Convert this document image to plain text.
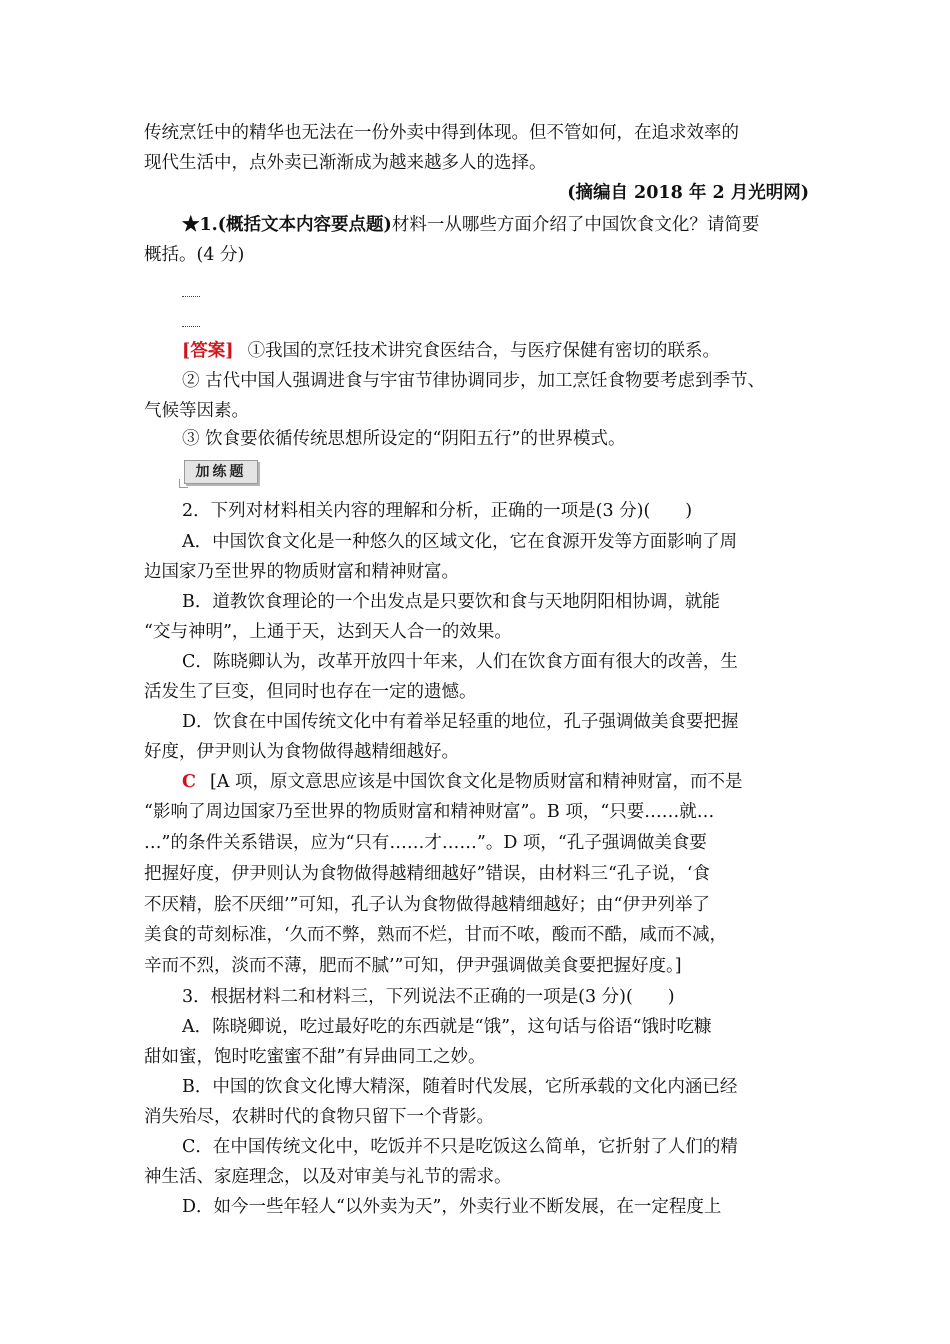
传统烹饪中的精华也无法在一份外卖中得到体现。但不管如何，在追求效率的
现代生活中，点外卖已渐渐成为越来越多人的选择。
(摘编自 2018 年 2 月光明网)
★1.(概括文本内容要点题)材料一从哪些方面介绍了中国饮食文化？请简要
概括。(4 分)
[答案] ①我国的烹饪技术讲究食医结合，与医疗保健有密切的联系。
② 古代中国人强调进食与宇宙节律协调同步，加工烹饪食物要考虑到季节、
气候等因素。
③ 饮食要依循传统思想所设定的“阴阳五行”的世界模式。
加练题
2．下列对材料相关内容的理解和分析，正确的一项是(3 分)(　　)
A．中国饮食文化是一种悠久的区域文化，它在食源开发等方面影响了周
边国家乃至世界的物质财富和精神财富。
B．道教饮食理论的一个出发点是只要饮和食与天地阴阳相协调，就能
“交与神明”，上通于天，达到天人合一的效果。
C．陈晓卿认为，改革开放四十年来，人们在饮食方面有很大的改善，生
活发生了巨变，但同时也存在一定的遗憾。
D．饮食在中国传统文化中有着举足轻重的地位，孔子强调做美食要把握
好度，伊尹则认为食物做得越精细越好。
C [A 项，原文意思应该是中国饮食文化是物质财富和精神财富，而不是
“影响了周边国家乃至世界的物质财富和精神财富”。B 项，“只要……就…
…”的条件关系错误，应为“只有……才……”。D 项，“孔子强调做美食要
把握好度，伊尹则认为食物做得越精细越好”错误，由材料三“孔子说，‘食
不厌精，脍不厌细’”可知，孔子认为食物做得越精细越好；由“伊尹列举了
美食的苛刻标准，‘久而不弊，熟而不烂，甘而不哝，酸而不酷，咸而不减，
辛而不烈，淡而不薄，肥而不腻’”可知，伊尹强调做美食要把握好度。]
3．根据材料二和材料三，下列说法不正确的一项是(3 分)(　　)
A．陈晓卿说，吃过最好吃的东西就是“饿”，这句话与俗语“饿时吃糠
甜如蜜，饱时吃蜜蜜不甜”有异曲同工之妙。
B．中国的饮食文化博大精深，随着时代发展，它所承载的文化内涵已经
消失殆尽，农耕时代的食物只留下一个背影。
C．在中国传统文化中，吃饭并不只是吃饭这么简单，它折射了人们的精
神生活、家庭理念，以及对审美与礼节的需求。
D．如今一些年轻人“以外卖为天”，外卖行业不断发展，在一定程度上
